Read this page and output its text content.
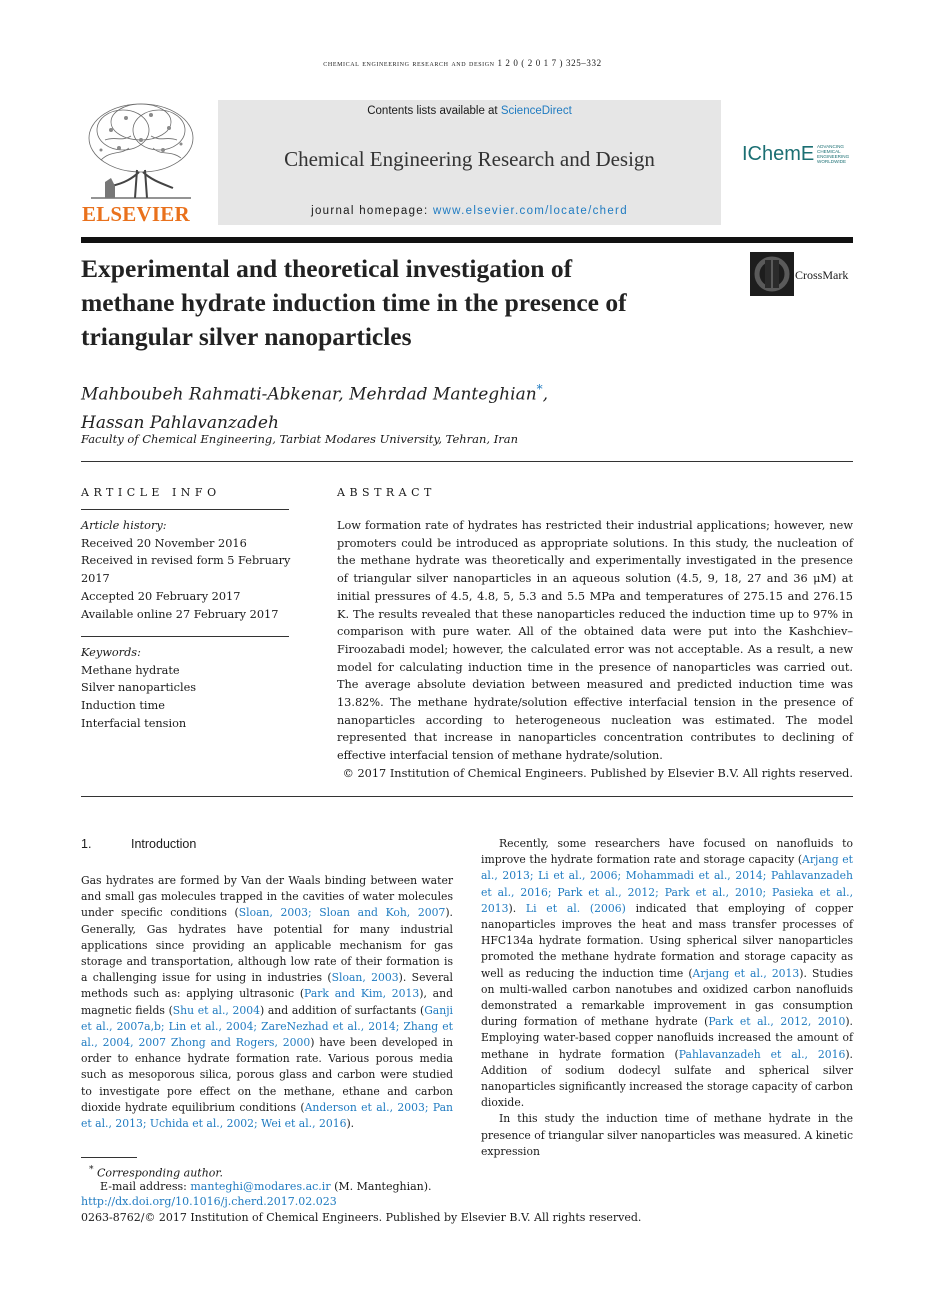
chemical engineering research and design 1 2 0 ( 2 0 1 7 ) 325–332
ELSEVIER
Contents lists available at ScienceDirect
Chemical Engineering Research and Design
journal homepage: www.elsevier.com/locate/cherd
IChemE ADVANCING
CHEMICAL
ENGINEERING
WORLDWIDE
Experimental and theoretical investigation of
methane hydrate induction time in the presence of
triangular silver nanoparticles
CrossMark
Mahboubeh Rahmati-Abkenar, Mehrdad Manteghian*,
Hassan Pahlavanzadeh
Faculty of Chemical Engineering, Tarbiat Modares University, Tehran, Iran
ARTICLE INFO
Article history:
Received 20 November 2016
Received in revised form 5 February
2017
Accepted 20 February 2017
Available online 27 February 2017
Keywords:
Methane hydrate
Silver nanoparticles
Induction time
Interfacial tension
ABSTRACT
Low formation rate of hydrates has restricted their industrial applications; however, new promoters could be introduced as appropriate solutions. In this study, the nucleation of the methane hydrate was theoretically and experimentally investigated in the presence of triangular silver nanoparticles in an aqueous solution (4.5, 9, 18, 27 and 36 μM) at initial pressures of 4.5, 4.8, 5, 5.3 and 5.5 MPa and temperatures of 275.15 and 276.15 K. The results revealed that these nanoparticles reduced the induction time up to 97% in comparison with pure water. All of the obtained data were put into the Kashchiev–Firoozabadi model; however, the calculated error was not acceptable. As a result, a new model for calculating induction time in the presence of nanoparticles was carried out. The average absolute deviation between measured and predicted induction time was 13.82%. The methane hydrate/solution effective interfacial tension in the presence of nanoparticles according to heterogeneous nucleation was estimated. The model represented that increase in nanoparticles concentration contributes to declining of effective interfacial tension of methane hydrate/solution.
© 2017 Institution of Chemical Engineers. Published by Elsevier B.V. All rights reserved.
1.	Introduction
Gas hydrates are formed by Van der Waals binding between water and small gas molecules trapped in the cavities of water molecules under specific conditions (Sloan, 2003; Sloan and Koh, 2007). Generally, Gas hydrates have potential for many industrial applications since providing an applicable mechanism for gas storage and transportation, although low rate of their formation is a challenging issue for using in industries (Sloan, 2003). Several methods such as: applying ultrasonic (Park and Kim, 2013), and magnetic fields (Shu et al., 2004) and addition of surfactants (Ganji et al., 2007a,b; Lin et al., 2004; ZareNezhad et al., 2014; Zhang et al., 2004, 2007 Zhong and Rogers, 2000) have been developed in order to enhance hydrate formation rate. Various porous media such as mesoporous silica, porous glass and carbon were studied to investigate pore effect on the methane, ethane and carbon dioxide hydrate equilibrium conditions (Anderson et al., 2003; Pan et al., 2013; Uchida et al., 2002; Wei et al., 2016).
Recently, some researchers have focused on nanofluids to improve the hydrate formation rate and storage capacity (Arjang et al., 2013; Li et al., 2006; Mohammadi et al., 2014; Pahlavanzadeh et al., 2016; Park et al., 2012; Park et al., 2010; Pasieka et al., 2013). Li et al. (2006) indicated that employing of copper nanoparticles improves the heat and mass transfer processes of HFC134a hydrate formation. Using spherical silver nanoparticles promoted the methane hydrate formation and storage capacity as well as reducing the induction time (Arjang et al., 2013). Studies on multi-walled carbon nanotubes and oxidized carbon nanofluids demonstrated a remarkable improvement in gas consumption during formation of methane hydrate (Park et al., 2012, 2010). Employing water-based copper nanofluids increased the amount of methane in hydrate formation (Pahlavanzadeh et al., 2016). Addition of sodium dodecyl sulfate and spherical silver nanoparticles significantly increased the storage capacity of carbon dioxide.
In this study the induction time of methane hydrate in the presence of triangular silver nanoparticles was measured. A kinetic expression
* Corresponding author.
E-mail address: manteghi@modares.ac.ir (M. Manteghian).
http://dx.doi.org/10.1016/j.cherd.2017.02.023
0263-8762/© 2017 Institution of Chemical Engineers. Published by Elsevier B.V. All rights reserved.
